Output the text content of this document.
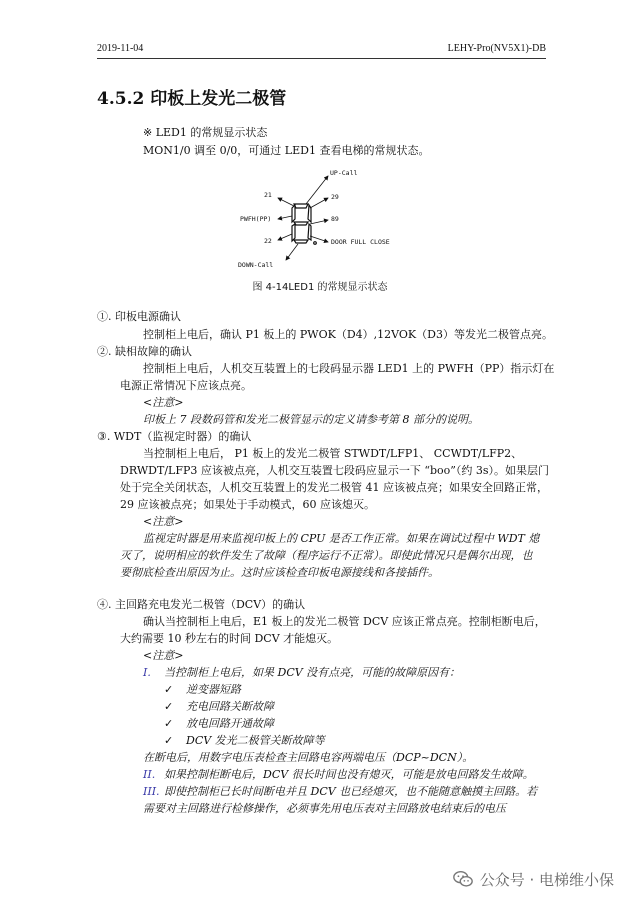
2019-11-04	LEHY-Pro(NV5X1)-DB
4.5.2 印板上发光二极管
※ LED1 的常规显示状态
MON1/0 调至 0/0，可通过 LED1 查看电梯的常规状态。
UP-Call
21	29
PWFH(PP)	89
22	DOOR FULL CLOSE
DOWN-Call
图 4-14LED1 的常规显示状态
①. 印板电源确认
控制柜上电后，确认 P1 板上的 PWOK（D4）,12VOK（D3）等发光二极管点亮。
②. 缺相故障的确认
控制柜上电后，人机交互装置上的七段码显示器 LED1 上的 PWFH（PP）指示灯在
电源正常情况下应该点亮。
<注意>
印板上 7 段数码管和发光二极管显示的定义请参考第 8 部分的说明。
③. WDT（监视定时器）的确认
当控制柜上电后， P1 板上的发光二极管 STWDT/LFP1、 CCWDT/LFP2、
DRWDT/LFP3 应该被点亮，人机交互装置七段码应显示一下 “boo”（约 3s）。如果层门
处于完全关闭状态，人机交互装置上的发光二极管 41 应该被点亮；如果安全回路正常，
29 应该被点亮；如果处于手动模式，60 应该熄灭。
<注意>
监视定时器是用来监视印板上的 CPU 是否工作正常。如果在调试过程中 WDT 熄
灭了，说明相应的软件发生了故障（程序运行不正常）。即使此情况只是偶尔出现，也
要彻底检查出原因为止。这时应该检查印板电源接线和各接插件。
④. 主回路充电发光二极管（DCV）的确认
确认当控制柜上电后，E1 板上的发光二极管 DCV 应该正常点亮。控制柜断电后，
大约需要 10 秒左右的时间 DCV 才能熄灭。
<注意>
I. 当控制柜上电后，如果 DCV 没有点亮，可能的故障原因有：
✓ 逆变器短路
✓ 充电回路关断故障
✓ 放电回路开通故障
✓ DCV 发光二极管关断故障等
在断电后，用数字电压表检查主回路电容两端电压（DCP~DCN）。
II. 如果控制柜断电后，DCV 很长时间也没有熄灭，可能是放电回路发生故障。
III. 即使控制柜已长时间断电并且 DCV 也已经熄灭，也不能随意触摸主回路。若
需要对主回路进行检修操作，必须事先用电压表对主回路放电结束后的电压
公众号 · 电梯维小保
